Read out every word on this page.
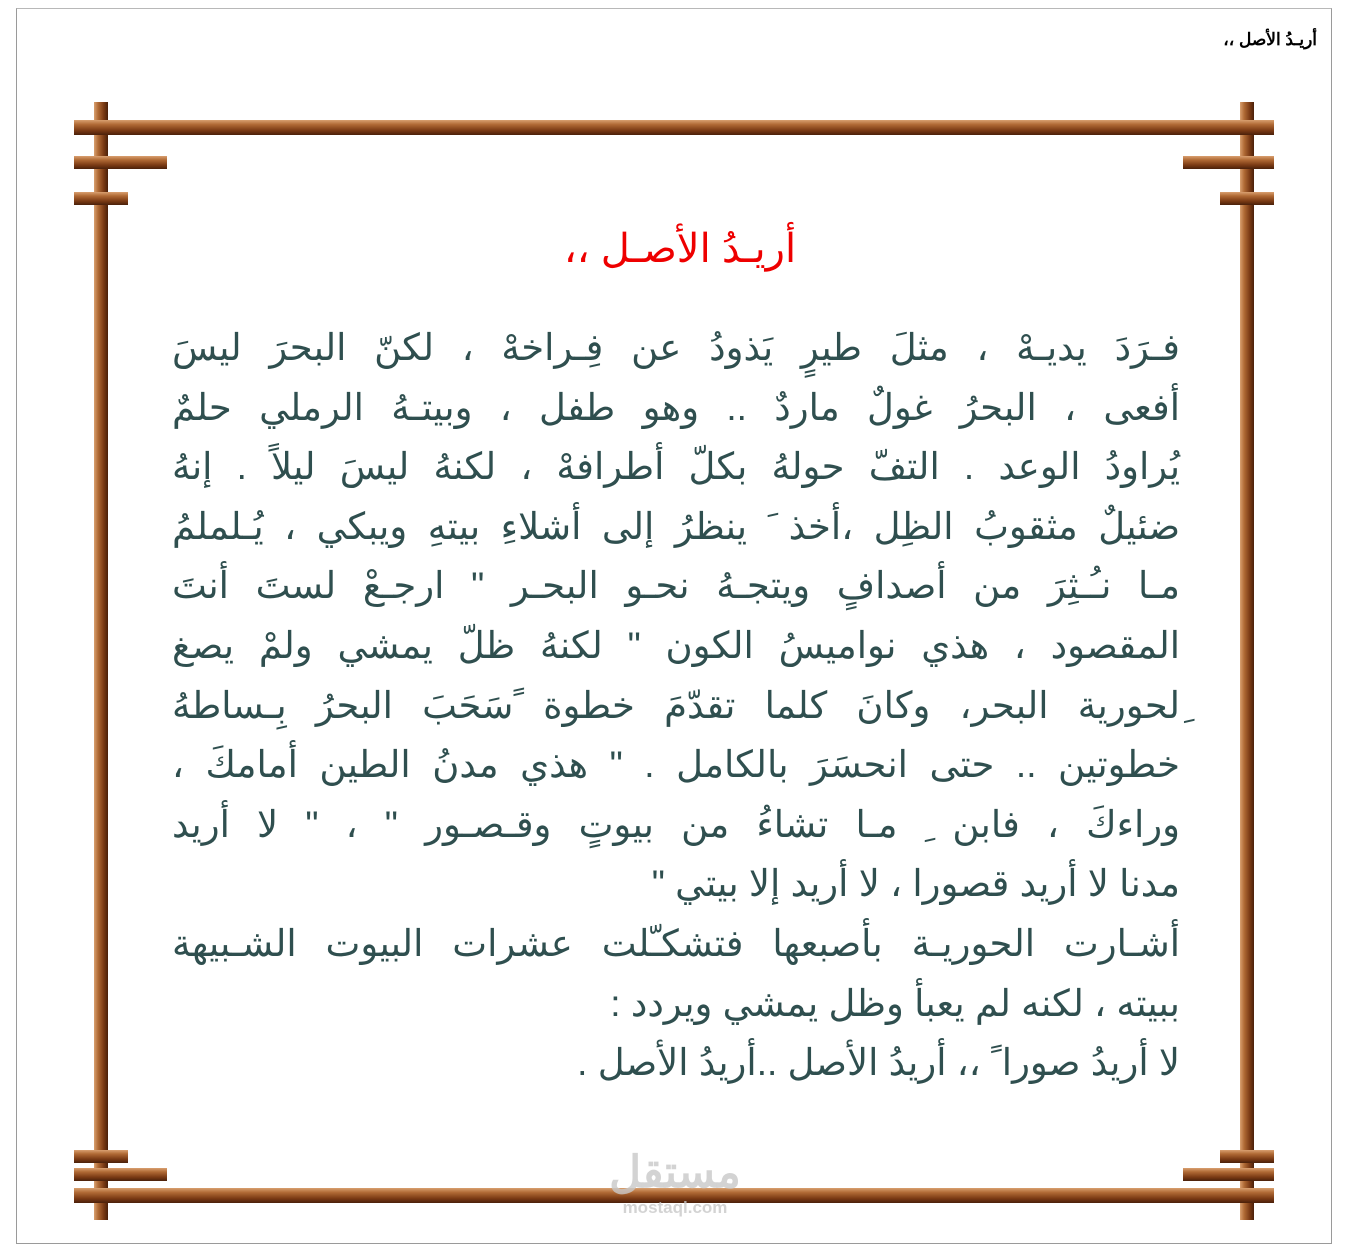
أريـدُ الأصل ،،
أريـدُ الأصـل ،،
فـرَدَ يديـهْ ، مثلَ طيرٍ يَذودُ عن فِـراخهْ ، لكنّ البحرَ ليسَ
أفعى ، البحرُ غولٌ ماردٌ .. وهو طفل ، وبيتـهُ الرملي حلمٌ
يُراودُ الوعد . التفّ حولهُ بكلّ أطرافهْ ، لكنهُ ليسَ ليلاً . إنهُ
ضئيلٌ مثقوبُ الظِل ،أخذ َ ينظرُ إلى أشلاءِ بيتهِ ويبكي ، يُـلملمُ
مـا نـُـثِرَ من أصدافٍ ويتجـهُ نحـو البحـر " ارجـعْ لستَ أنتَ
المقصود ، هذي نواميسُ الكون " لكنهُ ظلّ يمشي ولمْ يصغ
ِلحورية البحر، وكانَ كلما تقدّمَ خطوة ًسَحَبَ البحرُ بِـساطهُ
خطوتين .. حتى انحسَرَ بالكامل . " هذي مدنُ الطين أمامكَ ،
وراءكَ ، فابن ِ مـا تشاءُ من بيوتٍ وقـصـور " ، " لا أريد
مدنا لا أريد قصورا ، لا أريد إلا بيتي "
أشـارت الحوريـة بأصبعها فتشكـّلت عشرات البيوت الشـبيهة
ببيته ، لكنه لم يعبأ وظل يمشي ويردد :
لا أريدُ صورا ً ،، أريدُ الأصل ..أريدُ الأصل .
مستقل
mostaql.com
